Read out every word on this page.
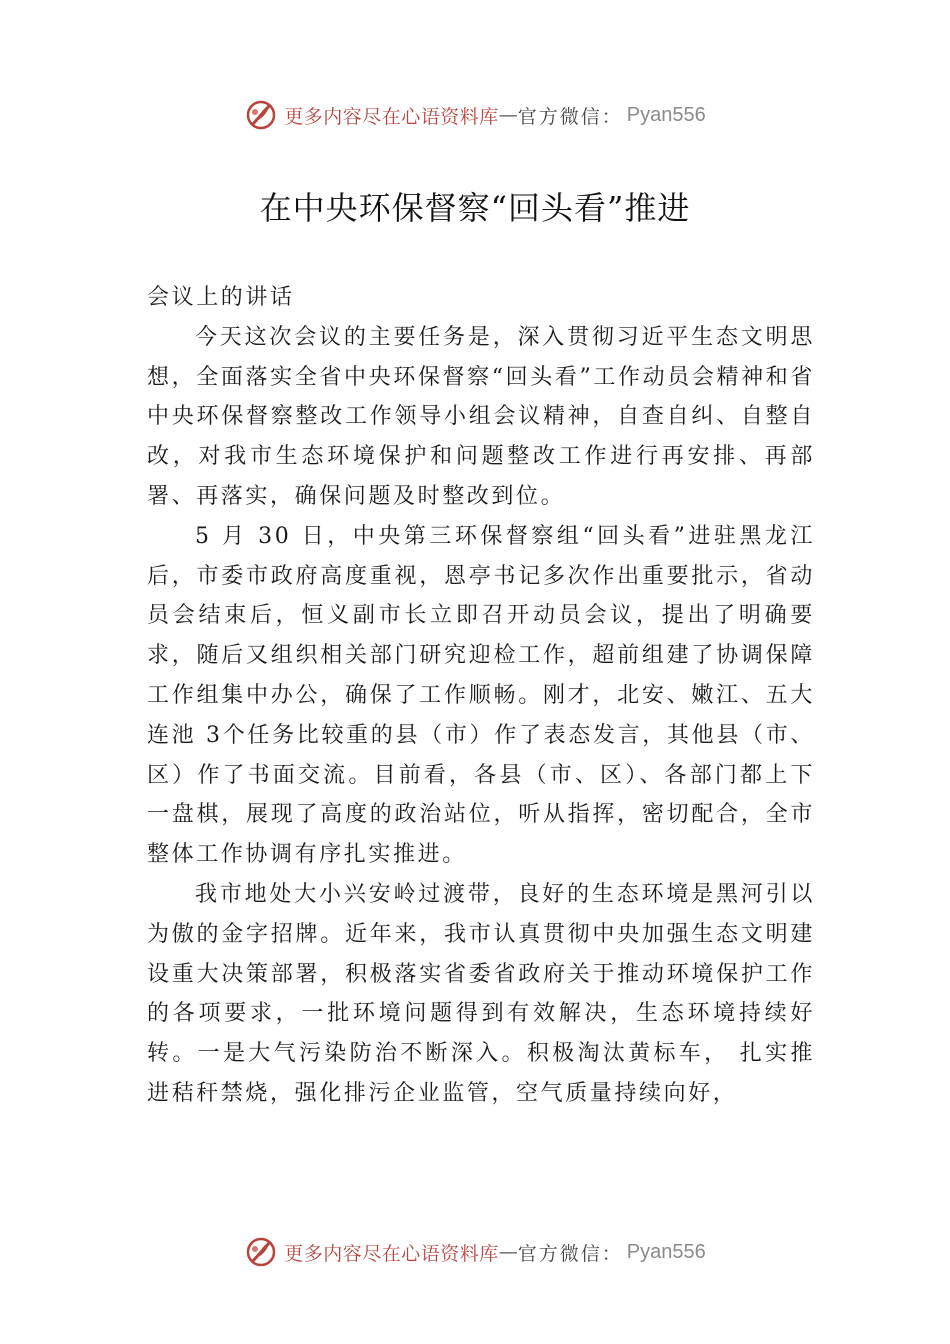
更多内容尽在心语资料库 — 官方微信： Pyan556
在中央环保督察“回头看”推进

会议上的讲话

今天这次会议的主要任务是，深入贯彻习近平生态文明思想，全面落实全省中央环保督察“回头看”工作动员会精神和省中央环保督察整改工作领导小组会议精神，自查自纠、自整自改，对我市生态环境保护和问题整改工作进行再安排、再部署、再落实，确保问题及时整改到位。

5 月 30 日，中央第三环保督察组“回头看”进驻黑龙江后，市委市政府高度重视，恩亭书记多次作出重要批示，省动员会结束后，恒义副市长立即召开动员会议，提出了明确要求，随后又组织相关部门研究迎检工作，超前组建了协调保障工作组集中办公，确保了工作顺畅。刚才，北安、嫩江、五大连池 3个任务比较重的县（市）作了表态发言，其他县（市、区）作了书面交流。目前看，各县（市、区）、各部门都上下一盘棋，展现了高度的政治站位，听从指挥，密切配合，全市整体工作协调有序扎实推进。

我市地处大小兴安岭过渡带，良好的生态环境是黑河引以为傲的金字招牌。近年来，我市认真贯彻中央加强生态文明建设重大决策部署，积极落实省委省政府关于推动环境保护工作的各项要求，一批环境问题得到有效解决，生态环境持续好转。一是大气污染防治不断深入。积极淘汰黄标车， 扎实推进秸秆禁烧，强化排污企业监管，空气质量持续向好，

更多内容尽在心语资料库 — 官方微信： Pyan556
